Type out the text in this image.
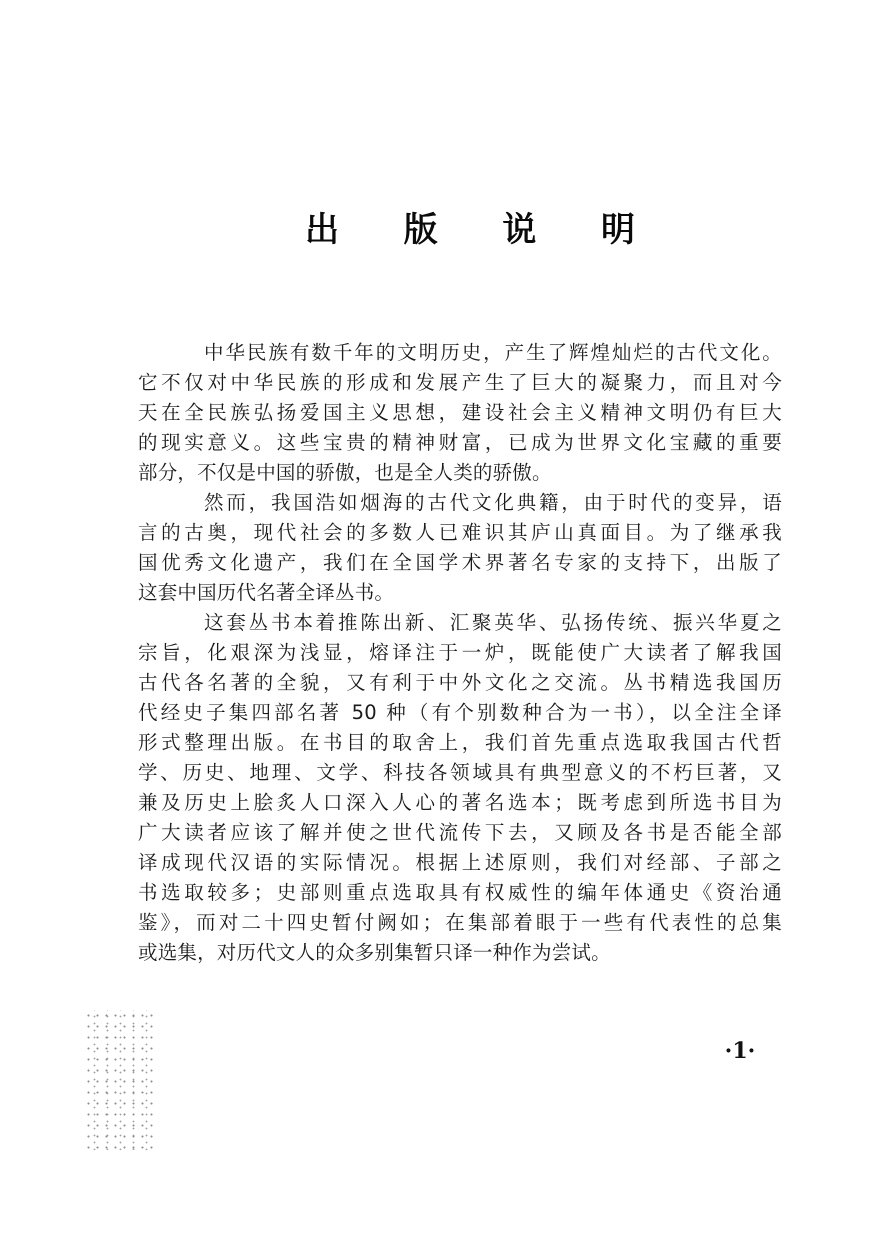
出 版 说 明
中华民族有数千年的文明历史，产生了辉煌灿烂的古代文化。
它不仅对中华民族的形成和发展产生了巨大的凝聚力，而且对今
天在全民族弘扬爱国主义思想，建设社会主义精神文明仍有巨大
的现实意义。这些宝贵的精神财富，已成为世界文化宝藏的重要
部分，不仅是中国的骄傲，也是全人类的骄傲。
然而，我国浩如烟海的古代文化典籍，由于时代的变异，语
言的古奥，现代社会的多数人已难识其庐山真面目。为了继承我
国优秀文化遗产，我们在全国学术界著名专家的支持下，出版了
这套中国历代名著全译丛书。
这套丛书本着推陈出新、汇聚英华、弘扬传统、振兴华夏之
宗旨，化艰深为浅显，熔译注于一炉，既能使广大读者了解我国
古代各名著的全貌，又有利于中外文化之交流。丛书精选我国历
代经史子集四部名著 50 种（有个别数种合为一书），以全注全译
形式整理出版。在书目的取舍上，我们首先重点选取我国古代哲
学、历史、地理、文学、科技各领域具有典型意义的不朽巨著，又
兼及历史上脍炙人口深入人心的著名选本；既考虑到所选书目为
广大读者应该了解并使之世代流传下去，又顾及各书是否能全部
译成现代汉语的实际情况。根据上述原则，我们对经部、子部之
书选取较多；史部则重点选取具有权威性的编年体通史《资治通
鉴》，而对二十四史暂付阙如；在集部着眼于一些有代表性的总集
或选集，对历代文人的众多别集暂只译一种作为尝试。
·1·
